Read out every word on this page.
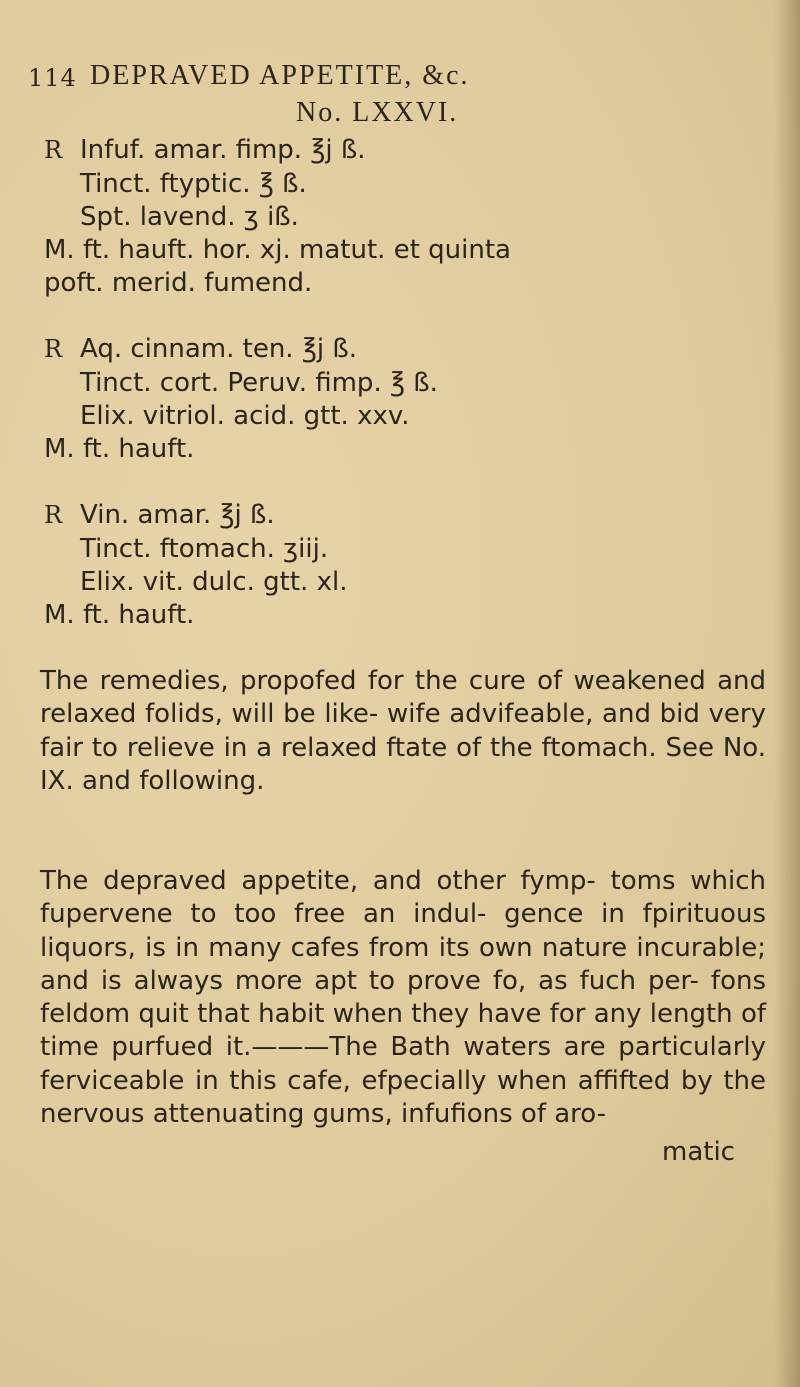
114 DEPRAVED APPETITE, &c.
No. LXXVI.
R Infuf. amar. fimp. ℥j ß.
Tinct. ftyptic. ℥ ß.
Spt. lavend. ʒ iß.
M. ft. hauft. hor. xj. matut. et quinta
poft. merid. fumend.
R Aq. cinnam. ten. ℥j ß.
Tinct. cort. Peruv. fimp. ℥ ß.
Elix. vitriol. acid. gtt. xxv.
M. ft. hauft.
R Vin. amar. ℥j ß.
Tinct. ftomach. ʒiij.
Elix. vit. dulc. gtt. xl.
M. ft. hauft.
The remedies, propofed for the cure of weakened and relaxed folids, will be like- wife advifeable, and bid very fair to relieve in a relaxed ftate of the ftomach. See No. IX. and following.
The depraved appetite, and other fymp- toms which fupervene to too free an indul- gence in fpirituous liquors, is in many cafes from its own nature incurable; and is always more apt to prove fo, as fuch per- fons feldom quit that habit when they have for any length of time purfued it.———The Bath waters are particularly ferviceable in this cafe, efpecially when affifted by the nervous attenuating gums, infufions of aro-
matic
